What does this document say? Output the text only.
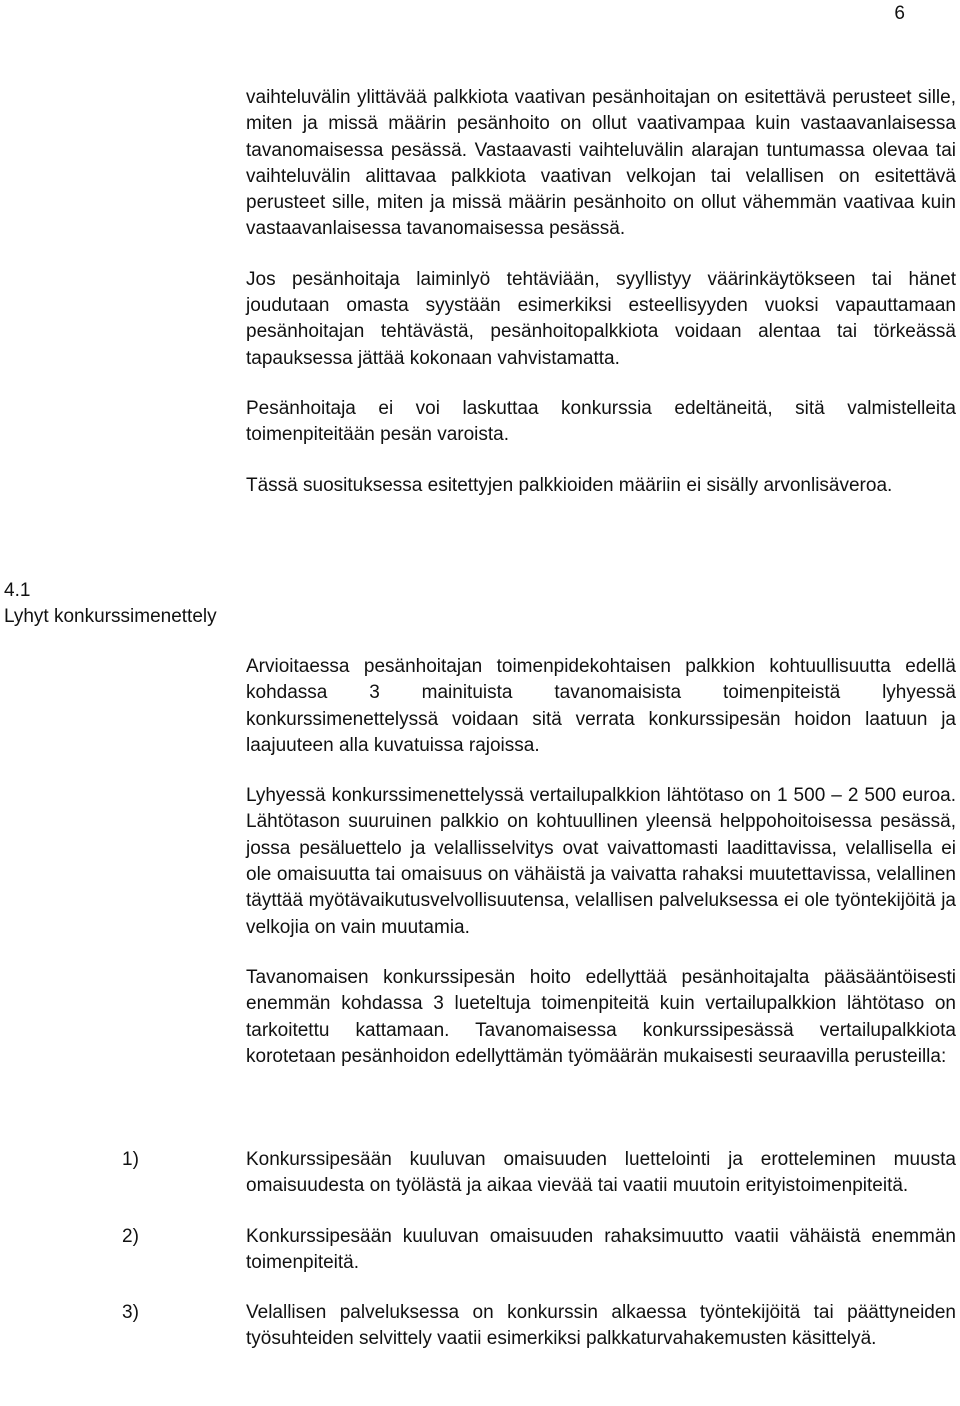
6

vaihteluvälin ylittävää palkkiota vaativan pesänhoitajan on esitettävä perusteet sille, miten ja missä määrin pesänhoito on ollut vaativampaa kuin vastaavanlaisessa tavanomaisessa pesässä. Vastaavasti vaihteluvälin alarajan tuntumassa olevaa tai vaihteluvälin alittavaa palkkiota vaativan velkojan tai velallisen on esitettävä perusteet sille, miten ja missä määrin pesänhoito on ollut vähemmän vaativaa kuin vastaavanlaisessa tavanomaisessa pesässä.

Jos pesänhoitaja laiminlyö tehtäviään, syyllistyy väärinkäytökseen tai hänet joudutaan omasta syystään esimerkiksi esteellisyyden vuoksi vapauttamaan pesänhoitajan tehtävästä, pesänhoitopalkkiota voidaan alentaa tai törkeässä tapauksessa jättää kokonaan vahvistamatta.

Pesänhoitaja ei voi laskuttaa konkurssia edeltäneitä, sitä valmistelleita toimenpiteitään pesän varoista.

Tässä suosituksessa esitettyjen palkkioiden määriin ei sisälly arvonlisäveroa.

4.1
Lyhyt konkurssimenettely

Arvioitaessa pesänhoitajan toimenpidekohtaisen palkkion kohtuullisuutta edellä kohdassa 3 mainituista tavanomaisista toimenpiteistä lyhyessä konkurssimenettelyssä voidaan sitä verrata konkurssipesän hoidon laatuun ja laajuuteen alla kuvatuissa rajoissa.

Lyhyessä konkurssimenettelyssä vertailupalkkion lähtötaso on 1 500 – 2 500 euroa. Lähtötason suuruinen palkkio on kohtuullinen yleensä helppohoitoisessa pesässä, jossa pesäluettelo ja velallisselvitys ovat vaivattomasti laadittavissa, velallisella ei ole omaisuutta tai omaisuus on vähäistä ja vaivatta rahaksi muutettavissa, velallinen täyttää myötävaikutusvelvollisuutensa, velallisen palveluksessa ei ole työntekijöitä ja velkojia on vain muutamia.

Tavanomaisen konkurssipesän hoito edellyttää pesänhoitajalta pääsääntöisesti enemmän kohdassa 3 lueteltuja toimenpiteitä kuin vertailupalkkion lähtötaso on tarkoitettu kattamaan. Tavanomaisessa konkurssipesässä vertailupalkkiota korotetaan pesänhoidon edellyttämän työmäärän mukaisesti seuraavilla perusteilla:

1)	Konkurssipesään kuuluvan omaisuuden luettelointi ja erotteleminen muusta omaisuudesta on työlästä ja aikaa vievää tai vaatii muutoin erityistoimenpiteitä.
2)	Konkurssipesään kuuluvan omaisuuden rahaksimuutto vaatii vähäistä enemmän toimenpiteitä.
3)	Velallisen palveluksessa on konkurssin alkaessa työntekijöitä tai päättyneiden työsuhteiden selvittely vaatii esimerkiksi palkkaturvahakemusten käsittelyä.
